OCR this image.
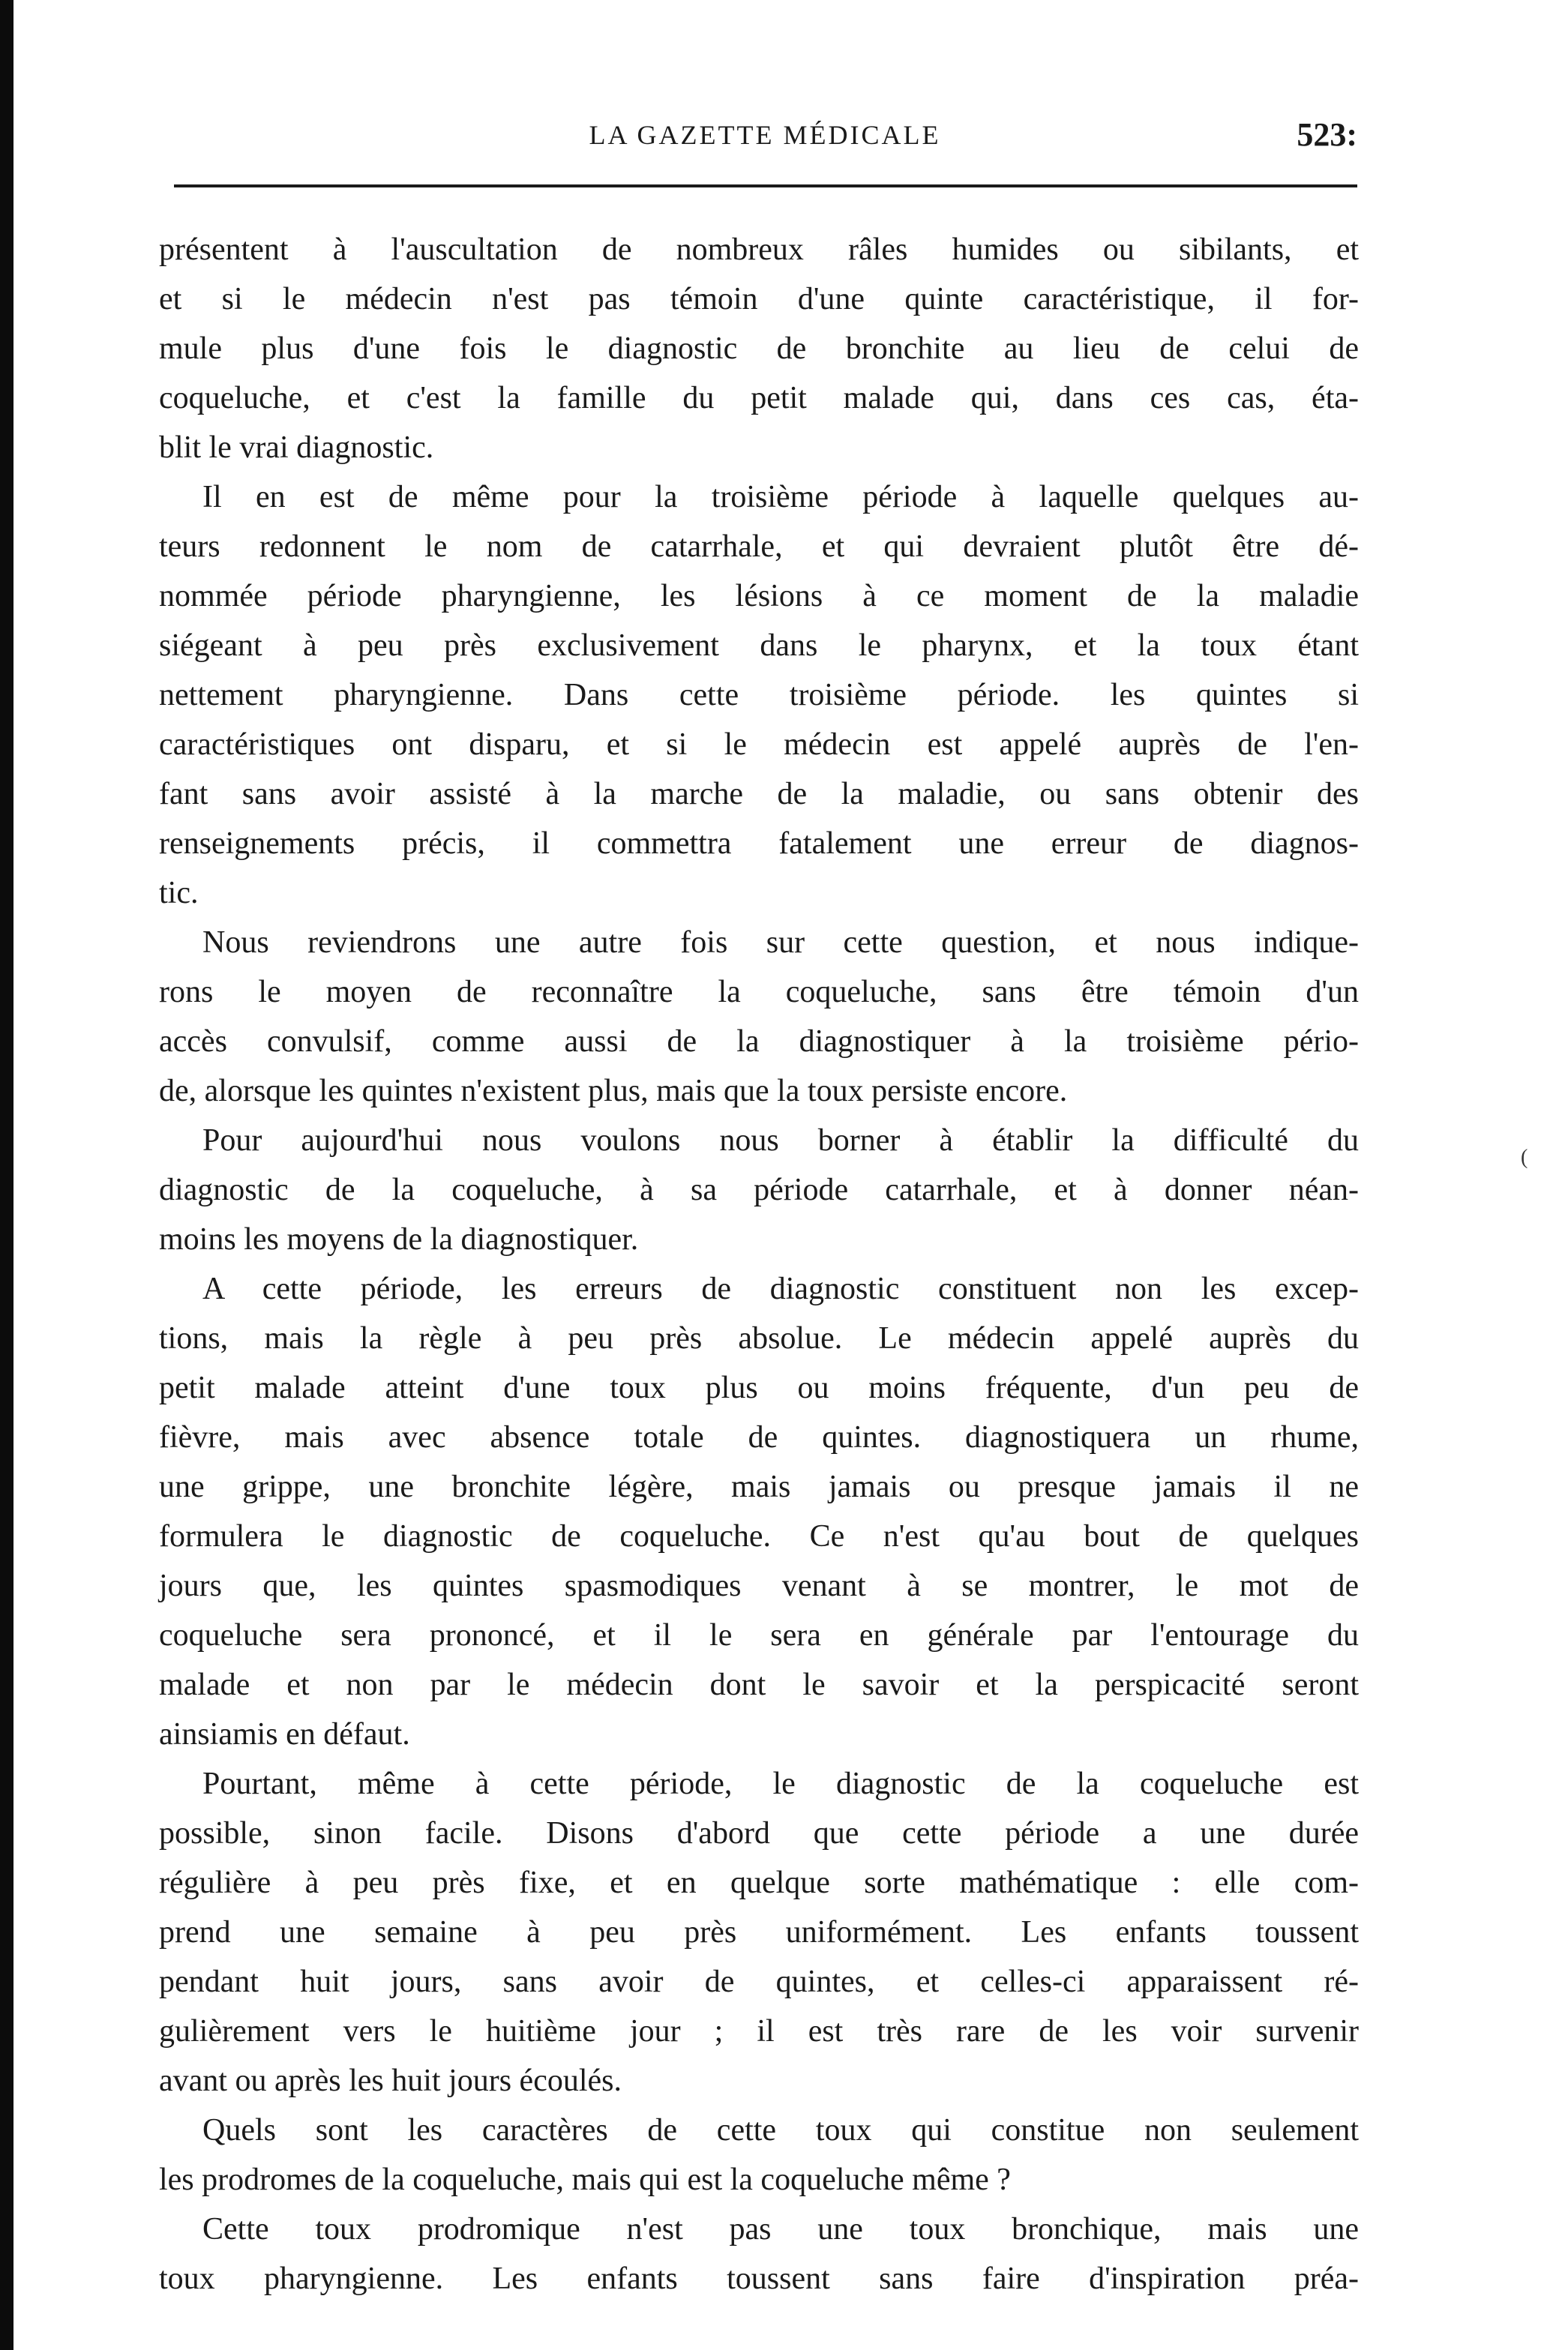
LA GAZETTE MÉDICALE	523:

présentent à l'auscultation de nombreux râles humides ou sibilants, et
et si le médecin n'est pas témoin d'une quinte caractéristique, il for-
mule plus d'une fois le diagnostic de bronchite au lieu de celui de
coqueluche, et c'est la famille du petit malade qui, dans ces cas, éta-
blit le vrai diagnostic.

Il en est de même pour la troisième période à laquelle quelques au-
teurs redonnent le nom de catarrhale, et qui devraient plutôt être dé-
nommée période pharyngienne, les lésions à ce moment de la maladie
siégeant à peu près exclusivement dans le pharynx, et la toux étant
nettement pharyngienne. Dans cette troisième période. les quintes si
caractéristiques ont disparu, et si le médecin est appelé auprès de l'en-
fant sans avoir assisté à la marche de la maladie, ou sans obtenir des
renseignements précis, il commettra fatalement une erreur de diagnos-
tic.

Nous reviendrons une autre fois sur cette question, et nous indique-
rons le moyen de reconnaître la coqueluche, sans être témoin d'un
accès convulsif, comme aussi de la diagnostiquer à la troisième pério-
de, alorsque les quintes n'existent plus, mais que la toux persiste encore.

Pour aujourd'hui nous voulons nous borner à établir la difficulté du
diagnostic de la coqueluche, à sa période catarrhale, et à donner néan-
moins les moyens de la diagnostiquer.

A cette période, les erreurs de diagnostic constituent non les excep-
tions, mais la règle à peu près absolue. Le médecin appelé auprès du
petit malade atteint d'une toux plus ou moins fréquente, d'un peu de
fièvre, mais avec absence totale de quintes. diagnostiquera un rhume,
une grippe, une bronchite légère, mais jamais ou presque jamais il ne
formulera le diagnostic de coqueluche. Ce n'est qu'au bout de quelques
jours que, les quintes spasmodiques venant à se montrer, le mot de
coqueluche sera prononcé, et il le sera en générale par l'entourage du
malade et non par le médecin dont le savoir et la perspicacité seront
ainsiamis en défaut.

Pourtant, même à cette période, le diagnostic de la coqueluche est
possible, sinon facile. Disons d'abord que cette période a une durée
régulière à peu près fixe, et en quelque sorte mathématique : elle com-
prend une semaine à peu près uniformément. Les enfants toussent
pendant huit jours, sans avoir de quintes, et celles-ci apparaissent ré-
gulièrement vers le huitième jour ; il est très rare de les voir survenir
avant ou après les huit jours écoulés.

Quels sont les caractères de cette toux qui constitue non seulement
les prodromes de la coqueluche, mais qui est la coqueluche même ?

Cette toux prodromique n'est pas une toux bronchique, mais une
toux pharyngienne. Les enfants toussent sans faire d'inspiration préa-

(
